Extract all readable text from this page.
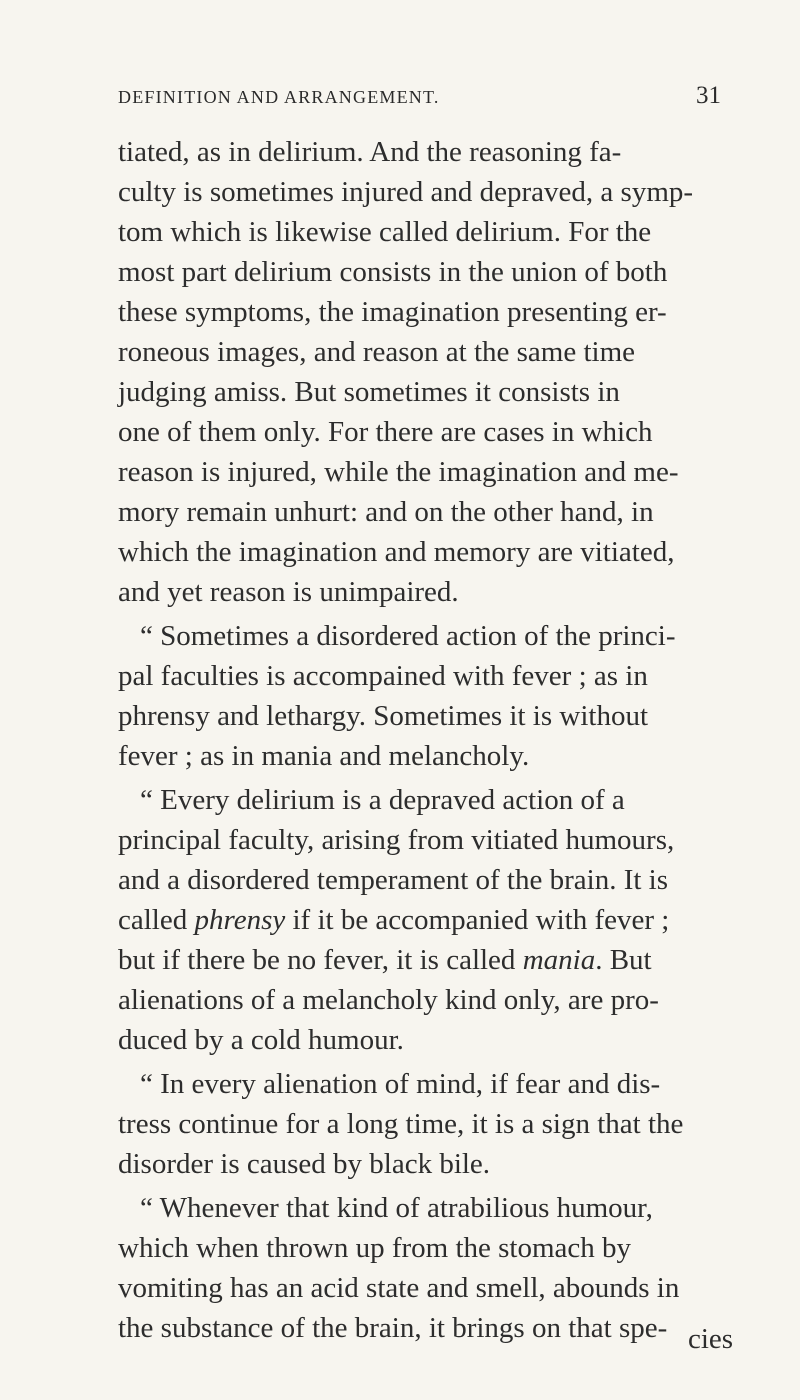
DEFINITION AND ARRANGEMENT.	31
tiated, as in delirium. And the reasoning fa-
culty is sometimes injured and depraved, a symp-
tom which is likewise called delirium. For the
most part delirium consists in the union of both
these symptoms, the imagination presenting er-
roneous images, and reason at the same time
judging amiss. But sometimes it consists in
one of them only. For there are cases in which
reason is injured, while the imagination and me-
mory remain unhurt: and on the other hand, in
which the imagination and memory are vitiated,
and yet reason is unimpaired.
“ Sometimes a disordered action of the princi-
pal faculties is accompained with fever ; as in
phrensy and lethargy. Sometimes it is without
fever ; as in mania and melancholy.
“ Every delirium is a depraved action of a
principal faculty, arising from vitiated humours,
and a disordered temperament of the brain. It is
called phrensy if it be accompanied with fever ;
but if there be no fever, it is called mania. But
alienations of a melancholy kind only, are pro-
duced by a cold humour.
“ In every alienation of mind, if fear and dis-
tress continue for a long time, it is a sign that the
disorder is caused by black bile.
“ Whenever that kind of atrabilious humour,
which when thrown up from the stomach by
vomiting has an acid state and smell, abounds in
the substance of the brain, it brings on that spe- cies
